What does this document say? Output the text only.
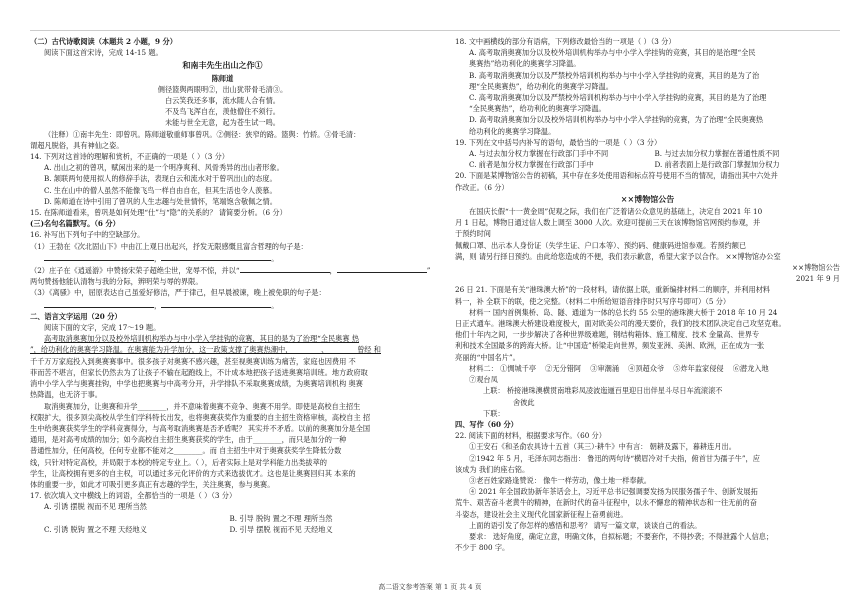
（二）古代诗歌阅读（本题共 2 小题，9 分）
阅读下面这首宋诗，完成 14-15 题。
和南丰先生出山之作①
陈师道
侧径篮舆两眼明②，出山犹带骨毛清③。
白云笑我还多事，流水随人合有情。
不及鸟飞浑自在，羡他僧住不须行。
未能与世全无意，起为苍生试一鸣。
（注释）①南丰先生：即曾巩。陈师道敬重师事曾巩。②侧径：狭窄的路。篮舆：竹轿。③骨毛清：
谓超凡脱俗，具有神仙之姿。
14. 下列对这首诗的理解和赏析，不正确的一项是（ ）（3 分）
A. 出山之初的曾巩，赋闲出来的是一个明净爽利、风骨秀异的出山者形象。
B. 颔联两句使用拟人的修辞手法，表现白云和流水对于曾巩出山的态度。
C. 生在山中的僧人虽然不能像飞鸟一样自由自在，但其生活也令人羡慕。
D. 陈师道在诗中引用了曾巩的人生志趣与处世情怀，笔端饱含敬佩之情。
15. 在陈师道看来，曾巩是如何处理“仕”与“隐”的关系的？ 请简要分析。（6 分）
(三)名句名篇默写。（6 分）
16. 补写出下列句子中的空缺部分。
（1）王勃在《次北固山下》中由江上观日出起兴，抒发无限感慨且富含哲理的句子是：
，	。
（2）庄子在《逍遥游》中赞扬宋荣子超绝尘世，宠辱不惊，并以“	，	”
两句赞扬他能认清物与我的分际，辨明荣与辱的界限。
（3）《离骚》中，屈原表达自己虽爱好修洁，严于律己，但早晨被谏，晚上被免职的句子是：
，	。
二、语言文字运用（20 分）
阅读下面的文字，完成 17～19 题。
高考取消奥赛加分以及校外培训机构举办与中小学入学挂钩的竞赛，其目的是为了治理“全民奥赛 热
”，给功利化的奥赛学习降温。在奥赛能为升学加分，这一政策支撑了奥赛热潮中，________、________曾经 和
千千万万家庭投入到奥赛赛事中。很多孩子对奥赛不感兴趣，甚至视奥赛训练为痛苦，家庭也因费用 不
菲而苦不堪言，但家长仍然去为了让孩子不输在起跑线上，不计成本地把孩子送进奥赛培训班。地方政府取
消中小学入学与奥赛挂钩，中学也把奥赛与中高考分开，升学排队不采取奥赛成绩，为奥赛培训机构 奥赛
热降温，也无济于事。
取消奥赛加分，让奥赛和升学________，并不意味着奥赛不竞争、奥赛不用学。即使是高校自主招生
权限扩大，很多顶尖高校从学生们学科特长出发，也将奥赛获奖作为重要的自主招生资格审核，高校自主 招
生中给奥赛获奖学生的学科竞赛得分，与高考取消奥赛是否矛盾呢？ 其实并不矛盾。以前的奥赛加分是全国
通用，是对高考成绩的加分；如今高校自主招生奥赛获奖的学生，由于________，而只是加分的一种
普通性加分，任何高校，任何专业都不能对之________。而 自主招生中对于奥赛获奖学生降低分数
线，只针对特定高校，并局限于本校的特定专业上。（ ），后者实际上是对学科能力出类拔萃的
学生，让高校拥有更多的自主权，可以通过多元化评价的方式来选拔优才。这也是让奥赛回归其 本来的
体的重要一步，如此才可吸引更多真正有志趣的学生，关注奥赛，参与奥赛。
17. 依次填入文中横线上的词语，全都恰当的一项是（ ）（3 分）
A. 引诱 摆脱 视而不见 理所当然
B. 引导 脱钩 置之不理 理所当然
C. 引诱 脱钩 置之不理 天经地义	D. 引导 摆脱 视而不见 天经地义
18. 文中画横线的部分有语病，下列修改最恰当的一项是（ ）（3 分）
A. 高考取消奥赛加分以及校外培训机构举办与中小学入学挂钩的竞赛，其目的是治理“全民
奥赛热”给功利化的奥赛学习降温。
B. 高考取消奥赛加分以及严禁校外培训机构举办与中小学入学挂钩的竞赛，其目的是为了治
理“全民奥赛热”，给功利化的奥赛学习降温。
C. 高考取消奥赛加分以及严禁校外培训机构举办与中小学入学挂钩的竞赛，其目的是为了治理
“全民奥赛热”，给功利化的奥赛学习降温。
D. 高考取消奥赛加分以及校外培训机构举办与中小学入学挂钩的竞赛，为了治理“全民奥赛热
给功利化的奥赛学习降温。
19. 下列在文中括号内补写的语句，最恰当的一项是（ ）（3 分）
A. 与过去加分权力掌握在行政部门手中不同	B. 与过去加分权力掌握在普通性质不同
C. 前者是加分权力掌握在行政部门手中	D. 前者表面上是行政部门掌握加分权力
20. 下面是某博物馆公告的初稿，其中存在多处使用语和标点符号使用不当的情况，请指出其中六处并
作改正。（6 分）
××博物馆公告
在国庆长假“十一黄金周”促观之际，我们在广泛着诸公众意见的基础上，决定自 2021 年 10
月 1 日起，博物日通过信人数上调至 3000 人次。欢迎可提前三天在该博物馆官网预约参观，并
于预约时间
佩戴口罩、出示本人身份证（失学生证、户口本等）、预约码、健康码进馆参观。若预约额已
满，则 请另行择日预约。由此给您造成的不便，我们表示歉意，希望大家予以合作。 ××博物馆办公室
××博物馆公告
2021 年 9 月
26 日 21. 下面是有关“港珠澳大桥”的一段材料，请依据上联，重新编排材料二的顺序，并利用材料
料一，补 全联下的联，使之完整。（材料二中所给短语音排序时只写序号即可）（5 分）
材料一 国内首例集桥、岛、隧、通道为一体的总长约 55 公里的港珠澳大桥于 2018 年 10 月 24
日正式通车。港珠澳大桥建设难度极大，面对欧美公司的漫天要价，我们的技术团队决定自己攻坚克难。
他们十年内之间，一步步解决了各种世界级难题，钢结构箱体、施工精度、技术 金量高、世界专
利和技术全国最多的跨海大桥。让“中国造”桥梁走向世界，频发亚洲、美洲、欧洲，正在成为一张
亮丽的“中国名片”。
材料二： ①惆城千亭 ②无分错阿 ③审潮涌 ④顶超众爷 ⑤炸年监家侵侵 ⑥潜龙入地
⑦观台凤
上联： 桥接港珠澳横贯南堆彩凤凌波迤逦百里迎日出伴星斗尽日车流滚滚不
舍彼此
下联：
四、写作（60 分）
22. 阅读下面的材料，根据要求写作。（60 分）
①王安石《和圣俞农具诗十五首（其三）·耕牛》中有言： 朝耕及露下，暮耕连月出。
②1942 年 5 月，毛泽东同志指出： 鲁迅的两句诗“横眉冷对千夫指，俯首甘为孺子牛”，应
该成为 我们的座右铭。
③老百姓家路逢赞说： 像牛一样劳动，像土地一样奉献。
④ 2021 年全国政协新年茶话会上，习近平总书记强调要发扬为民服务孺子牛、创新发展拓
荒牛、艰苦奋斗老黄牛的精神，在新时代的奋斗征程中，以永不懈怠的精神状态和一往无前的奋
斗姿态，建设社会主义现代化国家新征程上奋勇前进。
上面的语引发了你怎样的感悟和思考？ 请写一篇文章，谈谈自己的看法。
要求： 选好角度，确定立意，明确文体，自拟标题；不要套作，不得抄袭；不得泄露个人信息；
不少于 800 字。
高二语文参考答案 第 1 页 共 4 页
